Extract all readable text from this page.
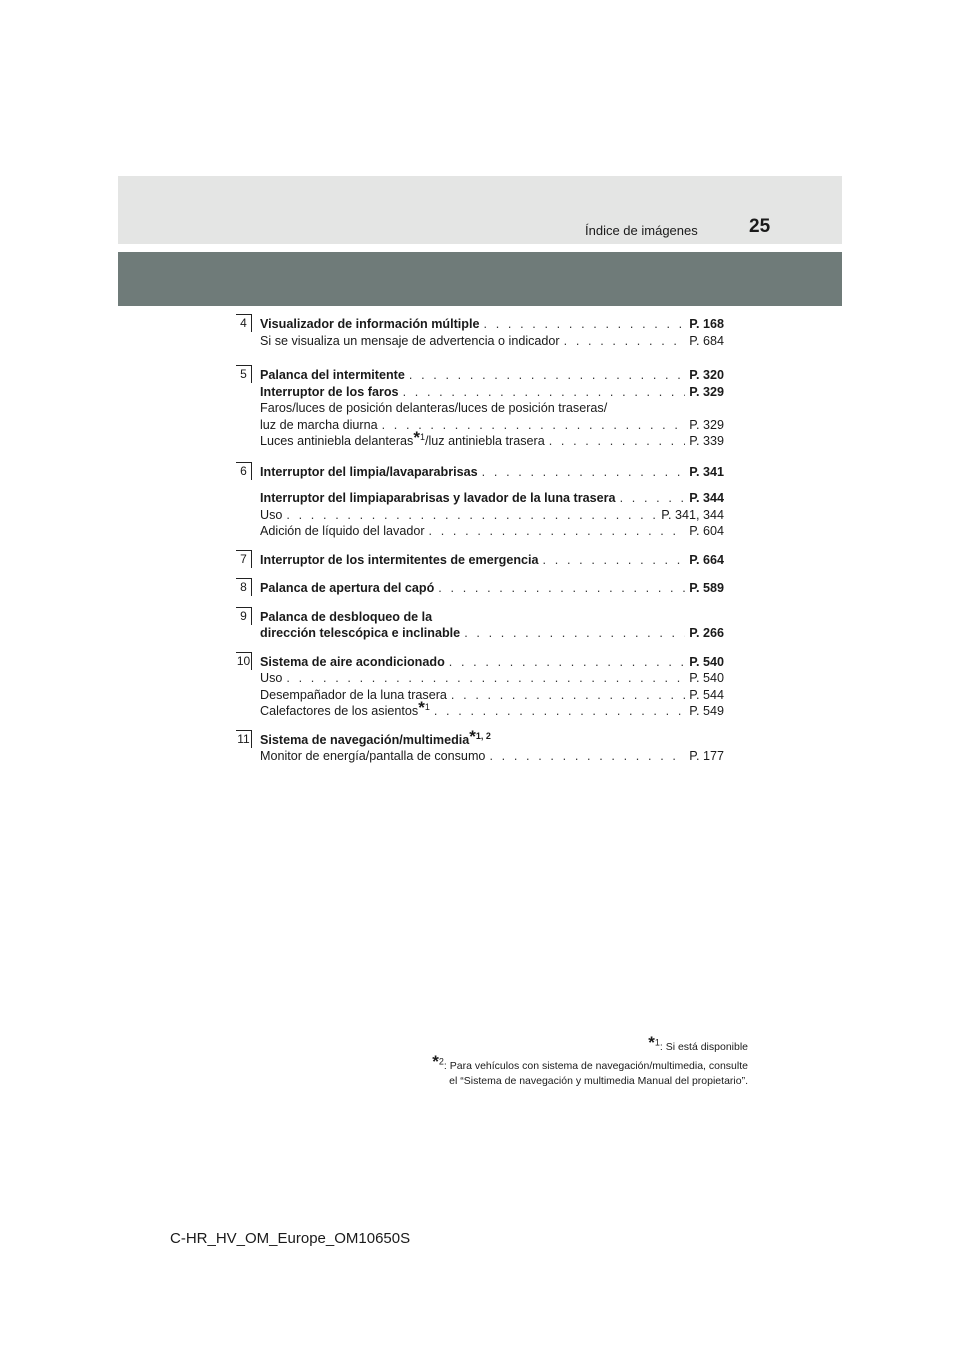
Índice de imágenes	25
4	Visualizador de información múltiple . . .	P. 168
Si se visualiza un mensaje de advertencia o indicador . . .	P. 684
5	Palanca del intermitente . . .	P. 320
Interruptor de los faros . . .	P. 329
Faros/luces de posición delanteras/luces de posición traseras/
luz de marcha diurna . . .	P. 329
Luces antiniebla delanteras*$^1$/luz antiniebla trasera . . .	P. 339
6	Interruptor del limpia/lavaparabrisas . . .	P. 341
Interruptor del limpiaparabrisas y lavador de la luna trasera . . .	P. 344
Uso . . .	P. 341, 344
Adición de líquido del lavador . . .	P. 604
7	Interruptor de los intermitentes de emergencia . . .	P. 664
8	Palanca de apertura del capó . . .	P. 589
9	Palanca de desbloqueo de la
dirección telescópica e inclinable . . .	P. 266
10 Sistema de aire acondicionado . . .	P. 540
Uso . . .	P. 540
Desempañador de la luna trasera . . .	P. 544
Calefactores de los asientos*$^1$ . . .	P. 549
11 Sistema de navegación/multimedia*$^{1, 2}$
Monitor de energía/pantalla de consumo . . .	P. 177
*$^1$: Si está disponible
*$^2$: Para vehículos con sistema de navegación/multimedia, consulte
el “Sistema de navegación y multimedia Manual del propietario”.
C-HR_HV_OM_Europe_OM10650S
